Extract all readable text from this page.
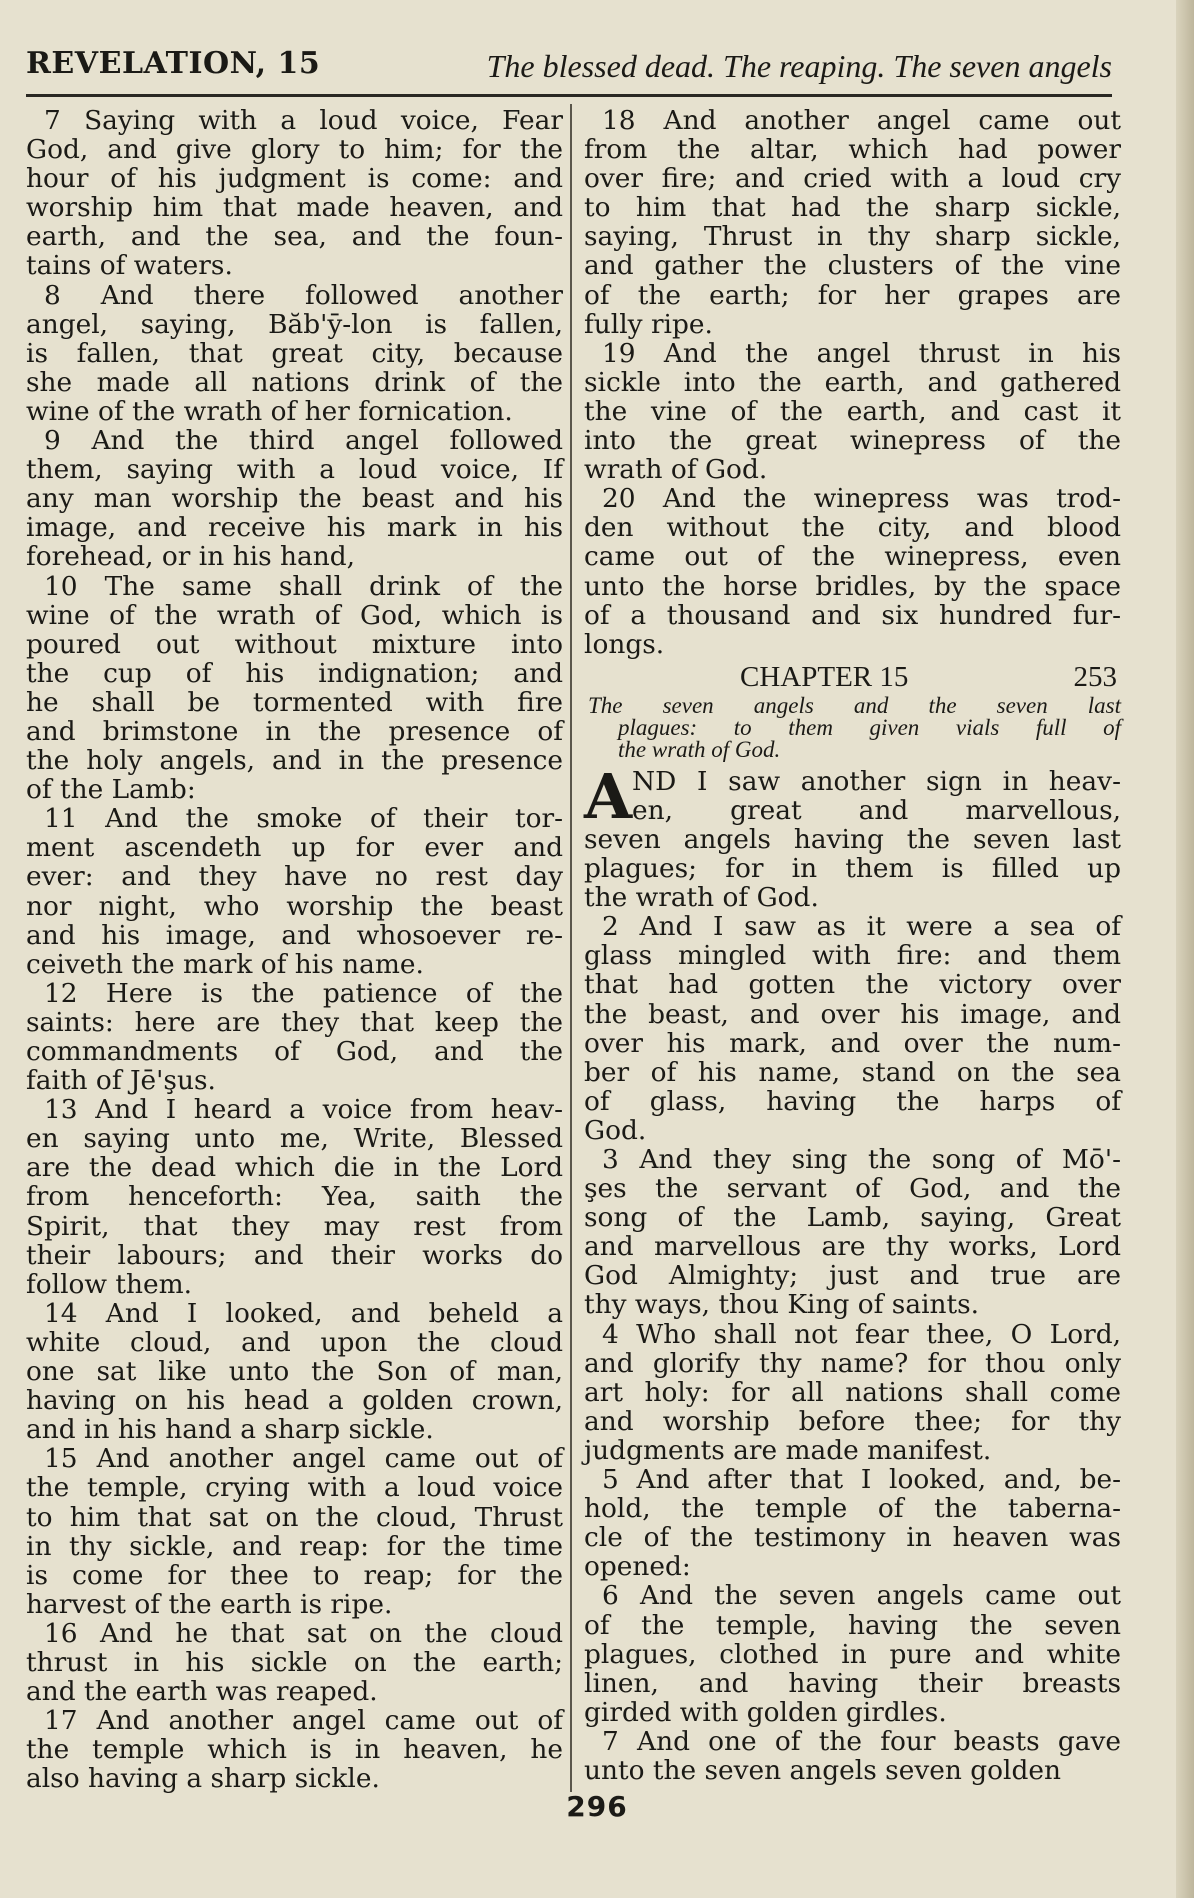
REVELATION, 15	The blessed dead. The reaping. The seven angels
7 Saying with a loud voice, Fear
God, and give glory to him; for the
hour of his judgment is come: and
worship him that made heaven, and
earth, and the sea, and the foun-
tains of waters.
8 And there followed another
angel, saying, Băb'ȳ-lon is fallen,
is fallen, that great city, because
she made all nations drink of the
wine of the wrath of her fornication.
9 And the third angel followed
them, saying with a loud voice, If
any man worship the beast and his
image, and receive his mark in his
forehead, or in his hand,
10 The same shall drink of the
wine of the wrath of God, which is
poured out without mixture into
the cup of his indignation; and
he shall be tormented with fire
and brimstone in the presence of
the holy angels, and in the presence
of the Lamb:
11 And the smoke of their tor-
ment ascendeth up for ever and
ever: and they have no rest day
nor night, who worship the beast
and his image, and whosoever re-
ceiveth the mark of his name.
12 Here is the patience of the
saints: here are they that keep the
commandments of God, and the
faith of Jē'şus.
13 And I heard a voice from heav-
en saying unto me, Write, Blessed
are the dead which die in the Lord
from henceforth: Yea, saith the
Spirit, that they may rest from
their labours; and their works do
follow them.
14 And I looked, and beheld a
white cloud, and upon the cloud
one sat like unto the Son of man,
having on his head a golden crown,
and in his hand a sharp sickle.
15 And another angel came out of
the temple, crying with a loud voice
to him that sat on the cloud, Thrust
in thy sickle, and reap: for the time
is come for thee to reap; for the
harvest of the earth is ripe.
16 And he that sat on the cloud
thrust in his sickle on the earth;
and the earth was reaped.
17 And another angel came out of
the temple which is in heaven, he
also having a sharp sickle.
18 And another angel came out
from the altar, which had power
over fire; and cried with a loud cry
to him that had the sharp sickle,
saying, Thrust in thy sharp sickle,
and gather the clusters of the vine
of the earth; for her grapes are
fully ripe.
19 And the angel thrust in his
sickle into the earth, and gathered
the vine of the earth, and cast it
into the great winepress of the
wrath of God.
20 And the winepress was trod-
den without the city, and blood
came out of the winepress, even
unto the horse bridles, by the space
of a thousand and six hundred fur-
longs.
CHAPTER 15	253
The seven angels and the seven last
plagues: to them given vials full of
the wrath of God.
A ND I saw another sign in heav-
en, great and marvellous,
seven angels having the seven last
plagues; for in them is filled up
the wrath of God.
2 And I saw as it were a sea of
glass mingled with fire: and them
that had gotten the victory over
the beast, and over his image, and
over his mark, and over the num-
ber of his name, stand on the sea
of glass, having the harps of
God.
3 And they sing the song of Mō'-
şes the servant of God, and the
song of the Lamb, saying, Great
and marvellous are thy works, Lord
God Almighty; just and true are
thy ways, thou King of saints.
4 Who shall not fear thee, O Lord,
and glorify thy name? for thou only
art holy: for all nations shall come
and worship before thee; for thy
judgments are made manifest.
5 And after that I looked, and, be-
hold, the temple of the taberna-
cle of the testimony in heaven was
opened:
6 And the seven angels came out
of the temple, having the seven
plagues, clothed in pure and white
linen, and having their breasts
girded with golden girdles.
7 And one of the four beasts gave
unto the seven angels seven golden
296
